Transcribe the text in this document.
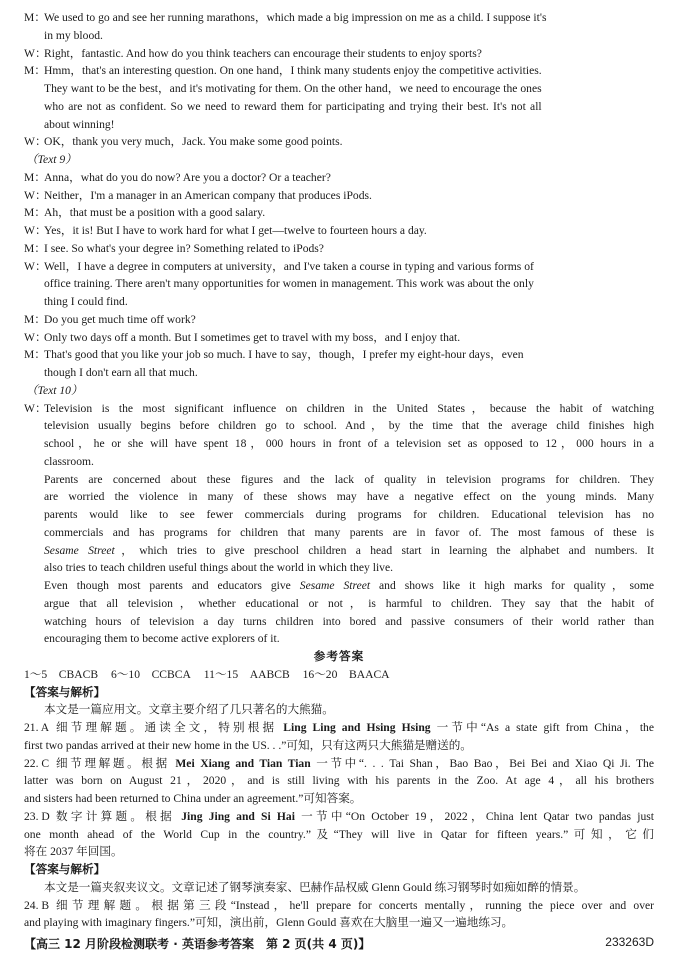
M：
We used to go and see her running marathons，which made a big impression on me as a child. I suppose it's
in my blood.
W：
Right，fantastic. And how do you think teachers can encourage their students to enjoy sports?
M：
Hmm，that's an interesting question. On one hand，I think many students enjoy the competitive activities.
They want to be the best，and it's motivating for them. On the other hand，we need to encourage the ones
who are not as confident. So we need to reward them for participating and trying their best. It's not all
about winning!
W：
OK，thank you very much，Jack. You make some good points.
（Text 9）
M：
Anna，what do you do now? Are you a doctor? Or a teacher?
W：
Neither，I'm a manager in an American company that produces iPods.
M：
Ah，that must be a position with a good salary.
W：
Yes，it is! But I have to work hard for what I get—twelve to fourteen hours a day.
M：
I see. So what's your degree in? Something related to iPods?
W：
Well，I have a degree in computers at university，and I've taken a course in typing and various forms of
office training. There aren't many opportunities for women in management. This work was about the only
thing I could find.
M：
Do you get much time off work?
W：
Only two days off a month. But I sometimes get to travel with my boss，and I enjoy that.
M：
That's good that you like your job so much. I have to say，though，I prefer my eight-hour days，even
though I don't earn all that much.
（Text 10）
W：
Television is the most significant influence on children in the United States，because the habit of watching
television usually begins before children go to school. And，by the time that the average child finishes high
school，he or she will have spent 18，000 hours in front of a television set as opposed to 12，000 hours in a
classroom.
Parents are concerned about these figures and the lack of quality in television programs for children. They
are worried the violence in many of these shows may have a negative effect on the young minds. Many
parents would like to see fewer commercials during programs for children. Educational television has no
commercials and has programs for children that many parents are in favor of. The most famous of these is
Sesame Street，which tries to give preschool children a head start in learning the alphabet and numbers. It
also tries to teach children useful things about the world in which they live.
Even though most parents and educators give Sesame Street and shows like it high marks for quality，some
argue that all television，whether educational or not，is harmful to children. They say that the habit of
watching hours of television a day turns children into bored and passive consumers of their world rather than
encouraging them to become active explorers of it.
参考答案
1～5　CBACB 6～10　CCBCA 11～15　AABCB 16～20　BAACA
【答案与解析】
本文是一篇应用文。文章主要介绍了几只著名的大熊猫。
21. A 细节理解题。通读全文，特别根据 Ling Ling and Hsing Hsing 一节中“As a state gift from China，the
first two pandas arrived at their new home in the US. . .”可知，只有这两只大熊猫是赠送的。
22. C 细节理解题。根据 Mei Xiang and Tian Tian 一节中“. . . Tai Shan，Bao Bao，Bei Bei and Xiao Qi Ji. The
latter was born on August 21，2020，and is still living with his parents in the Zoo. At age 4，all his brothers
and sisters had been returned to China under an agreement.”可知答案。
23. D 数字计算题。根据 Jing Jing and Si Hai 一节中“On October 19，2022，China lent Qatar two pandas just
one month ahead of the World Cup in the country.”及“They will live in Qatar for fifteen years.”可知，它们
将在 2037 年回国。
【答案与解析】
本文是一篇夹叙夹议文。文章记述了钢琴演奏家、巴赫作品权威 Glenn Gould 练习钢琴时如痴如醉的情景。
24. B 细节理解题。根据第三段“Instead，he'll prepare for concerts mentally，running the piece over and over
and playing with imaginary fingers.”可知，演出前，Glenn Gould 喜欢在大脑里一遍又一遍地练习。
【高三 12 月阶段检测联考 · 英语参考答案　第 2 页(共 4 页)】	233263D
